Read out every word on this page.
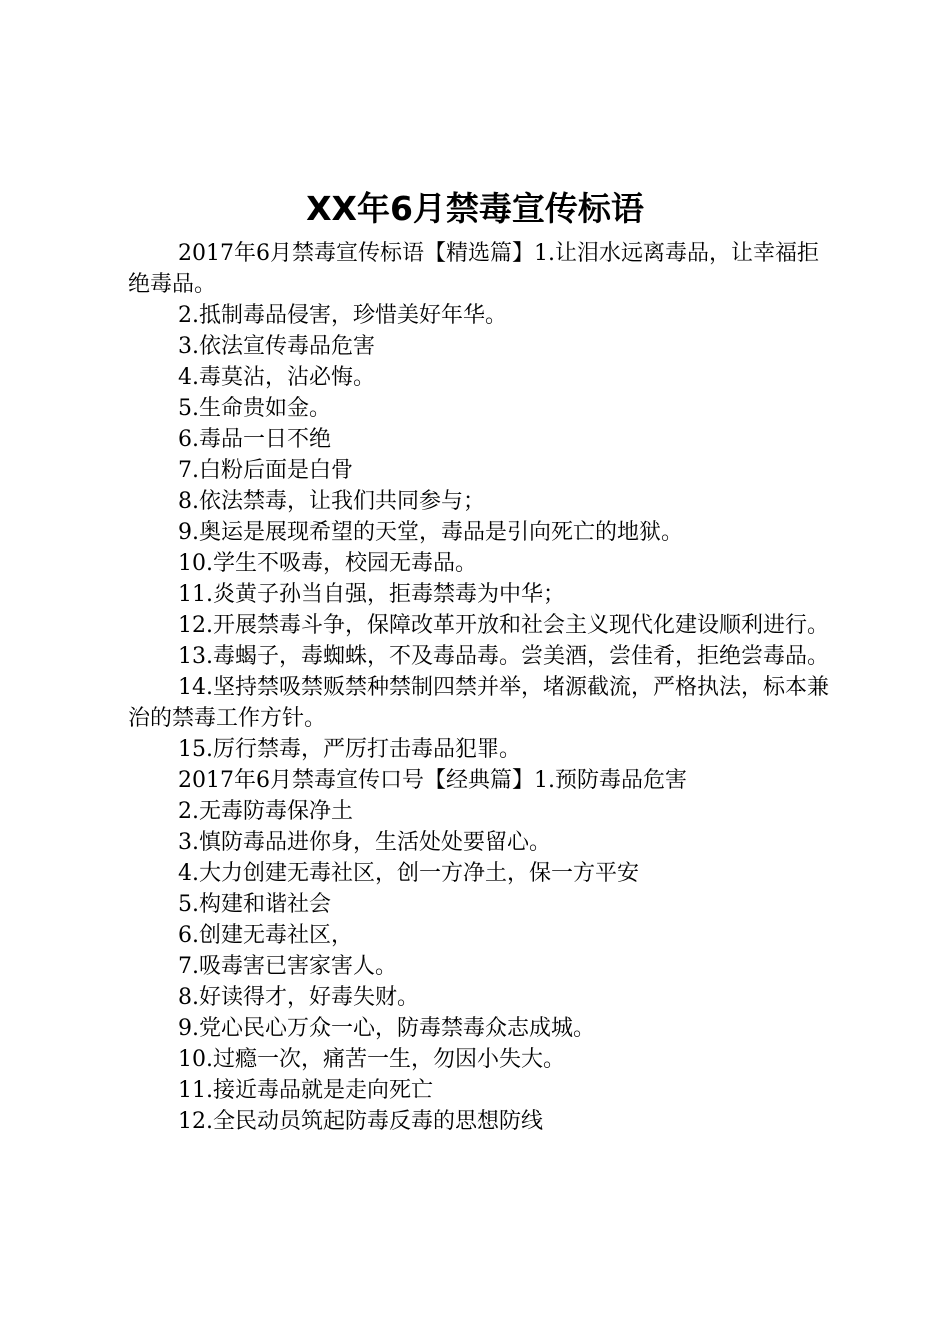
XX年6月禁毒宣传标语

2017年6月禁毒宣传标语【精选篇】1.让泪水远离毒品，让幸福拒绝毒品。

2.抵制毒品侵害，珍惜美好年华。

3.依法宣传毒品危害

4.毒莫沾，沾必悔。

5.生命贵如金。

6.毒品一日不绝

7.白粉后面是白骨

8.依法禁毒，让我们共同参与；

9.奥运是展现希望的天堂，毒品是引向死亡的地狱。

10.学生不吸毒，校园无毒品。

11.炎黄子孙当自强，拒毒禁毒为中华；

12.开展禁毒斗争，保障改革开放和社会主义现代化建设顺利进行。

13.毒蝎子，毒蜘蛛，不及毒品毒。尝美酒，尝佳肴，拒绝尝毒品。

14.坚持禁吸禁贩禁种禁制四禁并举，堵源截流，严格执法，标本兼治的禁毒工作方针。

15.厉行禁毒，严厉打击毒品犯罪。

2017年6月禁毒宣传口号【经典篇】1.预防毒品危害

2.无毒防毒保净土

3.慎防毒品进你身，生活处处要留心。

4.大力创建无毒社区，创一方净土，保一方平安

5.构建和谐社会

6.创建无毒社区，

7.吸毒害已害家害人。

8.好读得才，好毒失财。

9.党心民心万众一心，防毒禁毒众志成城。

10.过瘾一次，痛苦一生，勿因小失大。

11.接近毒品就是走向死亡

12.全民动员筑起防毒反毒的思想防线
